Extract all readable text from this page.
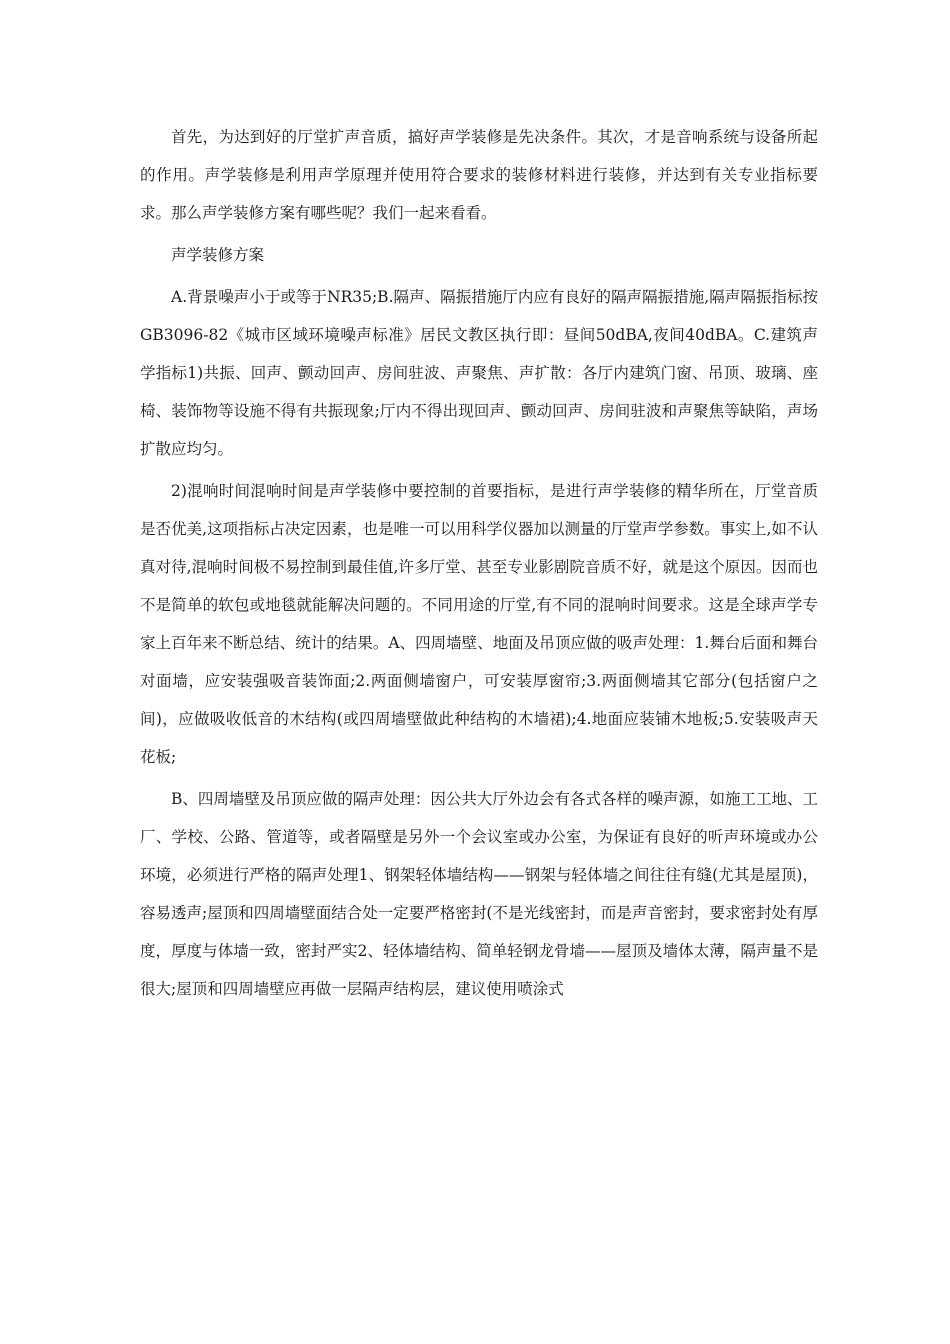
首先，为达到好的厅堂扩声音质，搞好声学装修是先决条件。其次，才是音响系统与设备所起的作用。声学装修是利用声学原理并使用符合要求的装修材料进行装修，并达到有关专业指标要求。那么声学装修方案有哪些呢？我们一起来看看。

声学装修方案

A.背景噪声小于或等于NR35;B.隔声、隔振措施厅内应有良好的隔声隔振措施,隔声隔振指标按GB3096-82《城市区域环境噪声标准》居民文教区执行即：昼间50dBA,夜间40dBA。C.建筑声学指标1)共振、回声、颤动回声、房间驻波、声聚焦、声扩散：各厅内建筑门窗、吊顶、玻璃、座椅、装饰物等设施不得有共振现象;厅内不得出现回声、颤动回声、房间驻波和声聚焦等缺陷，声场扩散应均匀。

2)混响时间混响时间是声学装修中要控制的首要指标，是进行声学装修的精华所在，厅堂音质是否优美,这项指标占决定因素，也是唯一可以用科学仪器加以测量的厅堂声学参数。事实上,如不认真对待,混响时间极不易控制到最佳值,许多厅堂、甚至专业影剧院音质不好，就是这个原因。因而也不是简单的软包或地毯就能解决问题的。不同用途的厅堂,有不同的混响时间要求。这是全球声学专家上百年来不断总结、统计的结果。A、四周墙壁、地面及吊顶应做的吸声处理：1.舞台后面和舞台对面墙，应安装强吸音装饰面;2.两面侧墙窗户，可安装厚窗帘;3.两面侧墙其它部分(包括窗户之间)，应做吸收低音的木结构(或四周墙壁做此种结构的木墙裙);4.地面应装铺木地板;5.安装吸声天花板;

B、四周墙壁及吊顶应做的隔声处理：因公共大厅外边会有各式各样的噪声源，如施工工地、工厂、学校、公路、管道等，或者隔壁是另外一个会议室或办公室，为保证有良好的听声环境或办公环境，必须进行严格的隔声处理1、钢架轻体墙结构——钢架与轻体墙之间往往有缝(尤其是屋顶)，容易透声;屋顶和四周墙壁面结合处一定要严格密封(不是光线密封，而是声音密封，要求密封处有厚度，厚度与体墙一致，密封严实2、轻体墙结构、简单轻钢龙骨墙——屋顶及墙体太薄，隔声量不是很大;屋顶和四周墙壁应再做一层隔声结构层，建议使用喷涂式
